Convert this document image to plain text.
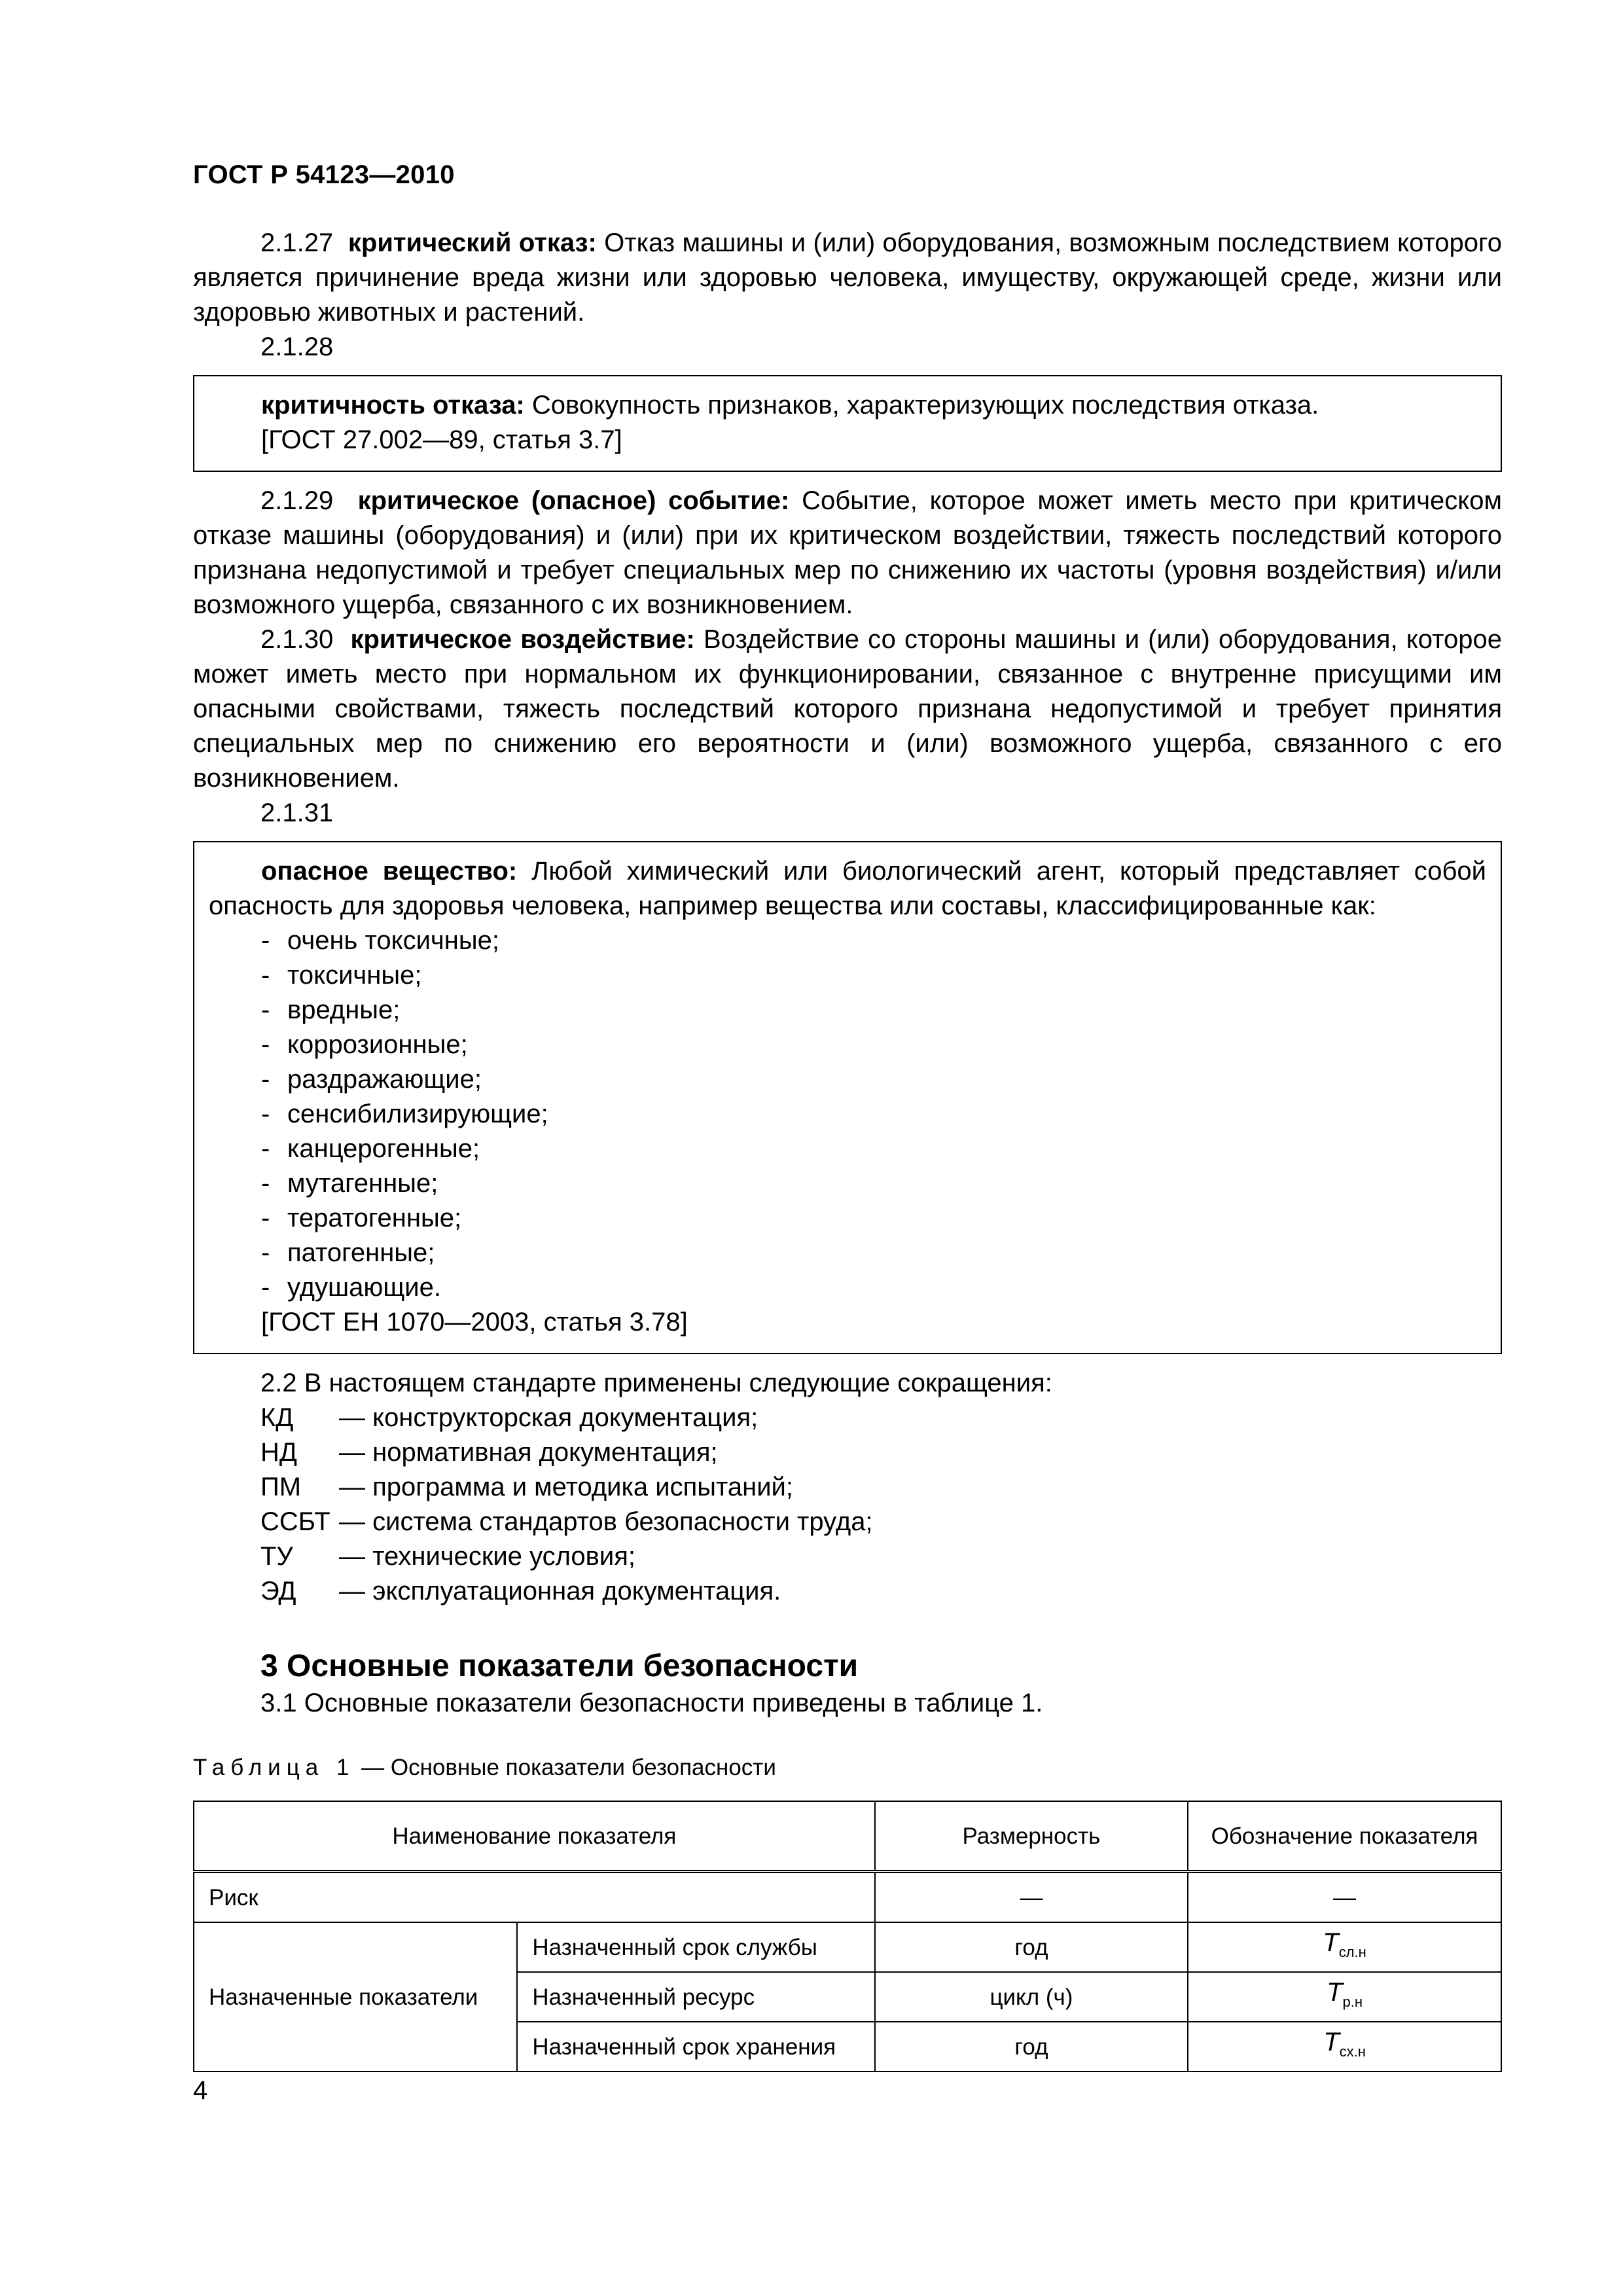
ГОСТ Р 54123—2010

2.1.27 критический отказ: Отказ машины и (или) оборудования, возможным последствием которого является причинение вреда жизни или здоровью человека, имуществу, окружающей среде, жизни или здоровью животных и растений.

2.1.28

критичность отказа: Совокупность признаков, характеризующих последствия отказа.

[ГОСТ 27.002—89, статья 3.7]

2.1.29 критическое (опасное) событие: Событие, которое может иметь место при критическом отказе машины (оборудования) и (или) при их критическом воздействии, тяжесть последствий которого признана недопустимой и требует специальных мер по снижению их частоты (уровня воздействия) и/или возможного ущерба, связанного с их возникновением.

2.1.30 критическое воздействие: Воздействие со стороны машины и (или) оборудования, которое может иметь место при нормальном их функционировании, связанное с внутренне присущими им опасными свойствами, тяжесть последствий которого признана недопустимой и требует принятия специальных мер по снижению его вероятности и (или) возможного ущерба, связанного с его возникновением.

2.1.31

опасное вещество: Любой химический или биологический агент, который представляет собой опасность для здоровья человека, например вещества или составы, классифицированные как:

- очень токсичные;
- токсичные;
- вредные;
- коррозионные;
- раздражающие;
- сенсибилизирующие;
- канцерогенные;
- мутагенные;
- тератогенные;
- патогенные;
- удушающие.

[ГОСТ ЕН 1070—2003, статья 3.78]

2.2 В настоящем стандарте применены следующие сокращения:

КД	— конструкторская документация;
НД	— нормативная документация;
ПМ	— программа и методика испытаний;
ССБТ — система стандартов безопасности труда;
ТУ	— технические условия;
ЭД	— эксплуатационная документация.
3 Основные показатели безопасности

3.1 Основные показатели безопасности приведены в таблице 1.

Таблица 1 — Основные показатели безопасности
Наименование показателя		Размерность	Обозначение показателя
Риск		—	—
Назначенные показатели	Назначенный срок службы	год	$T_{сл.н}$
	Назначенный ресурс	цикл (ч)	$T_{р.н}$
	Назначенный срок хранения	год	$T_{сх.н}$
4
